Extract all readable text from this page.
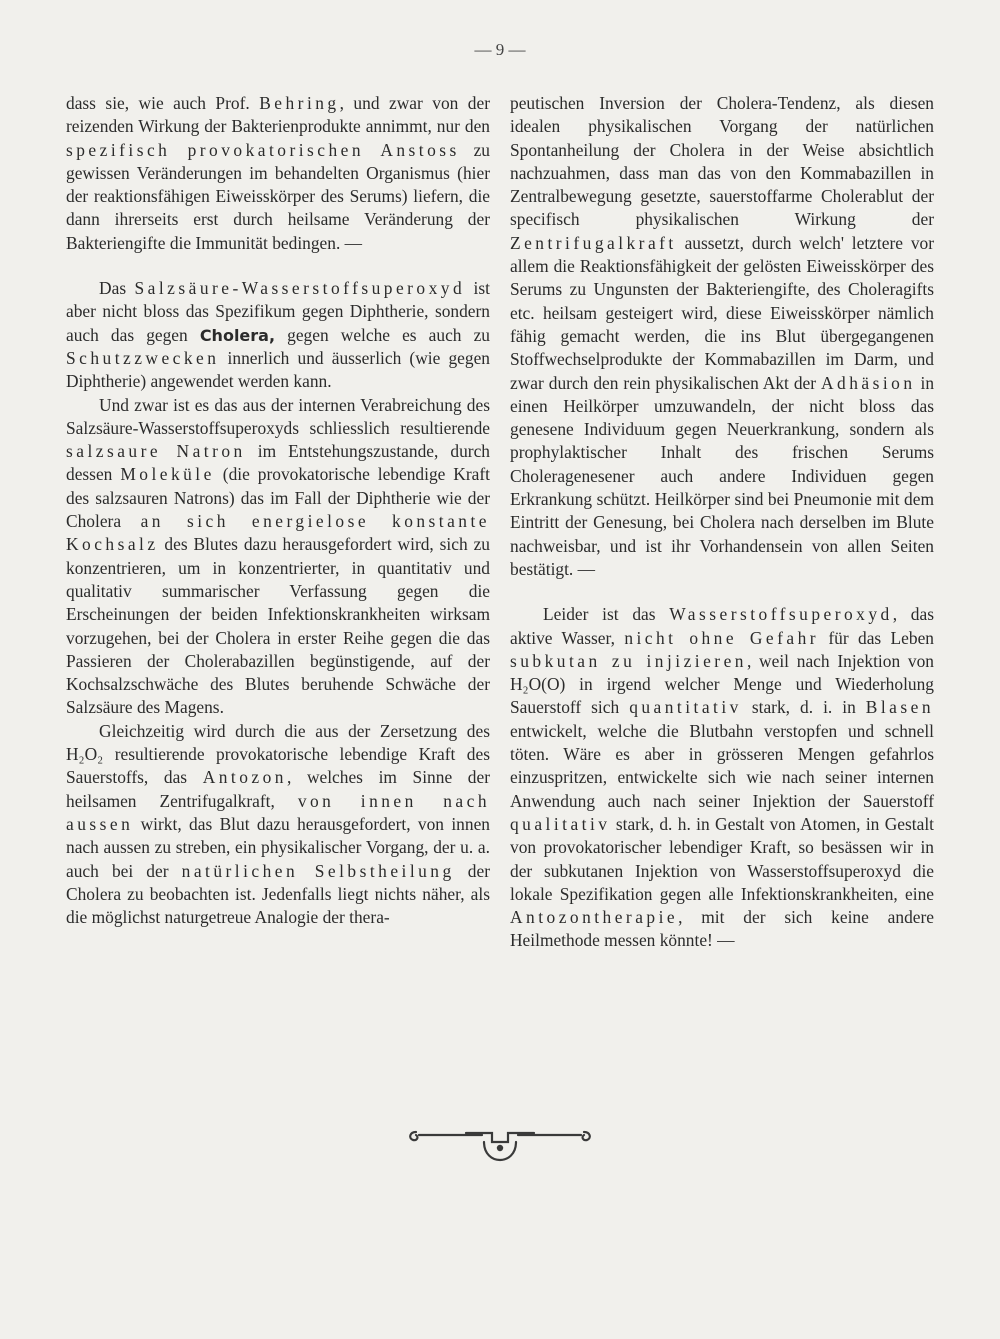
— 9 —

dass sie, wie auch Prof. Behring, und zwar von der reizenden Wirkung der Bakterienprodukte annimmt, nur den spezifisch provokatorischen Anstoss zu gewissen Veränderungen im behandelten Organismus (hier der reaktionsfähigen Eiweisskörper des Serums) liefern, die dann ihrerseits erst durch heilsame Veränderung der Bakteriengifte die Immunität bedingen. —

Das Salzsäure-Wasserstoffsuperoxyd ist aber nicht bloss das Spezifikum gegen Diphtherie, sondern auch das gegen Cholera, gegen welche es auch zu Schutzzwecken innerlich und äusserlich (wie gegen Diphtherie) angewendet werden kann.

Und zwar ist es das aus der internen Verabreichung des Salzsäure-Wasserstoffsuperoxyds schliesslich resultierende salzsaure Natron im Entstehungszustande, durch dessen Moleküle (die provokatorische lebendige Kraft des salzsauren Natrons) das im Fall der Diphtherie wie der Cholera an sich energielose konstante Kochsalz des Blutes dazu herausgefordert wird, sich zu konzentrieren, um in konzentrierter, in quantitativ und qualitativ summarischer Verfassung gegen die Erscheinungen der beiden Infektionskrankheiten wirksam vorzugehen, bei der Cholera in erster Reihe gegen die das Passieren der Cholerabazillen begünstigende, auf der Kochsalzschwäche des Blutes beruhende Schwäche der Salzsäure des Magens.

Gleichzeitig wird durch die aus der Zersetzung des H₂O₂ resultierende provokatorische lebendige Kraft des Sauerstoffs, das Antozon, welches im Sinne der heilsamen Zentrifugalkraft, von innen nach aussen wirkt, das Blut dazu herausgefordert, von innen nach aussen zu streben, ein physikalischer Vorgang, der u. a. auch bei der natürlichen Selbstheilung der Cholera zu beobachten ist. Jedenfalls liegt nichts näher, als die möglichst naturgetreue Analogie der thera-

peutischen Inversion der Cholera-Tendenz, als diesen idealen physikalischen Vorgang der natürlichen Spontanheilung der Cholera in der Weise absichtlich nachzuahmen, dass man das von den Kommabazillen in Zentralbewegung gesetzte, sauerstoffarme Cholerablut der specifisch physikalischen Wirkung der Zentrifugalkraft aussetzt, durch welch' letztere vor allem die Reaktionsfähigkeit der gelösten Eiweisskörper des Serums zu Ungunsten der Bakteriengifte, des Choleragifts etc. heilsam gesteigert wird, diese Eiweisskörper nämlich fähig gemacht werden, die ins Blut übergegangenen Stoffwechselprodukte der Kommabazillen im Darm, und zwar durch den rein physikalischen Akt der Adhäsion in einen Heilkörper umzuwandeln, der nicht bloss das genesene Individuum gegen Neuerkrankung, sondern als prophylaktischer Inhalt des frischen Serums Choleragenesener auch andere Individuen gegen Erkrankung schützt. Heilkörper sind bei Pneumonie mit dem Eintritt der Genesung, bei Cholera nach derselben im Blute nachweisbar, und ist ihr Vorhandensein von allen Seiten bestätigt. —

Leider ist das Wasserstoffsuperoxyd, das aktive Wasser, nicht ohne Gefahr für das Leben subkutan zu injizieren, weil nach Injektion von H₂O(O) in irgend welcher Menge und Wiederholung Sauerstoff sich quantitativ stark, d. i. in Blasen entwickelt, welche die Blutbahn verstopfen und schnell töten. Wäre es aber in grösseren Mengen gefahrlos einzuspritzen, entwickelte sich wie nach seiner internen Anwendung auch nach seiner Injektion der Sauerstoff qualitativ stark, d. h. in Gestalt von Atomen, in Gestalt von provokatorischer lebendiger Kraft, so besässen wir in der subkutanen Injektion von Wasserstoffsuperoxyd die lokale Spezifikation gegen alle Infektionskrankheiten, eine Antozontherapie, mit der sich keine andere Heilmethode messen könnte! —
